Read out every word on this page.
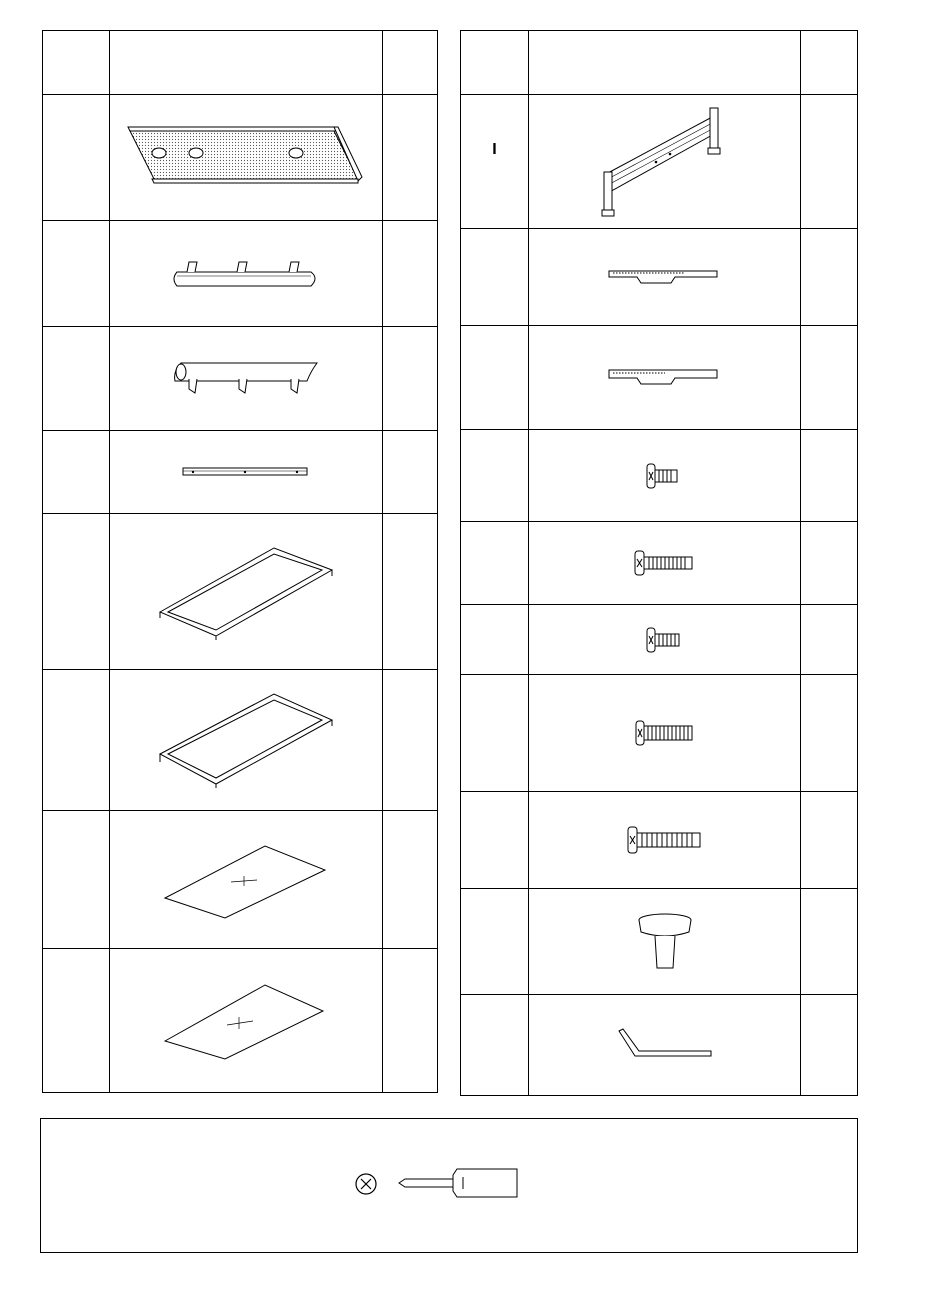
I
